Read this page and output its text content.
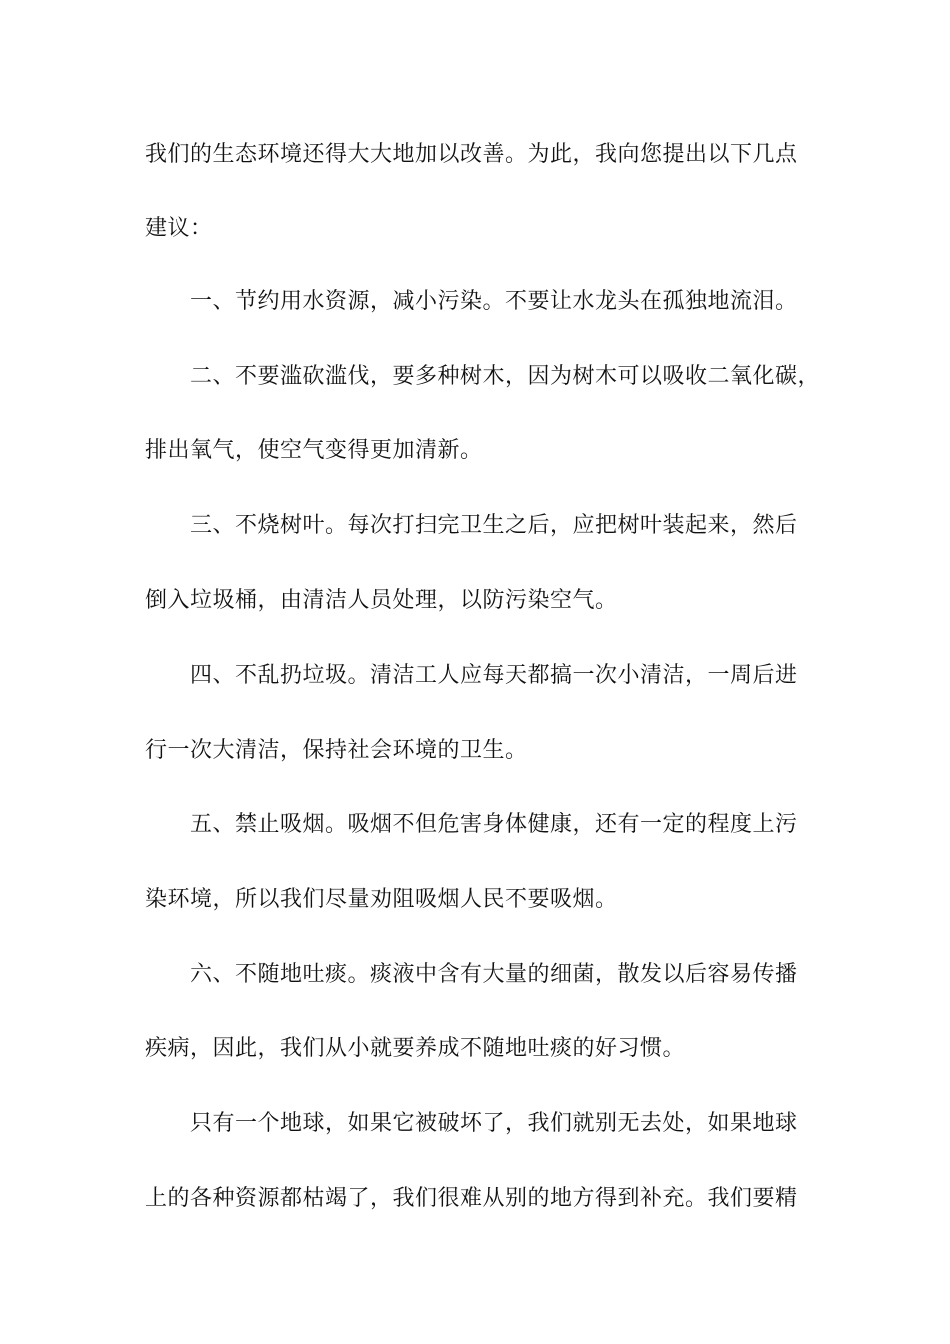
我们的生态环境还得大大地加以改善。为此，我向您提出以下几点
建议：
一、节约用水资源，减小污染。不要让水龙头在孤独地流泪。
二、不要滥砍滥伐，要多种树木，因为树木可以吸收二氧化碳，
排出氧气，使空气变得更加清新。
三、不烧树叶。每次打扫完卫生之后，应把树叶装起来，然后
倒入垃圾桶，由清洁人员处理，以防污染空气。
四、不乱扔垃圾。清洁工人应每天都搞一次小清洁，一周后进
行一次大清洁，保持社会环境的卫生。
五、禁止吸烟。吸烟不但危害身体健康，还有一定的程度上污
染环境，所以我们尽量劝阻吸烟人民不要吸烟。
六、不随地吐痰。痰液中含有大量的细菌，散发以后容易传播
疾病，因此，我们从小就要养成不随地吐痰的好习惯。
只有一个地球，如果它被破坏了，我们就别无去处，如果地球
上的各种资源都枯竭了，我们很难从别的地方得到补充。我们要精
